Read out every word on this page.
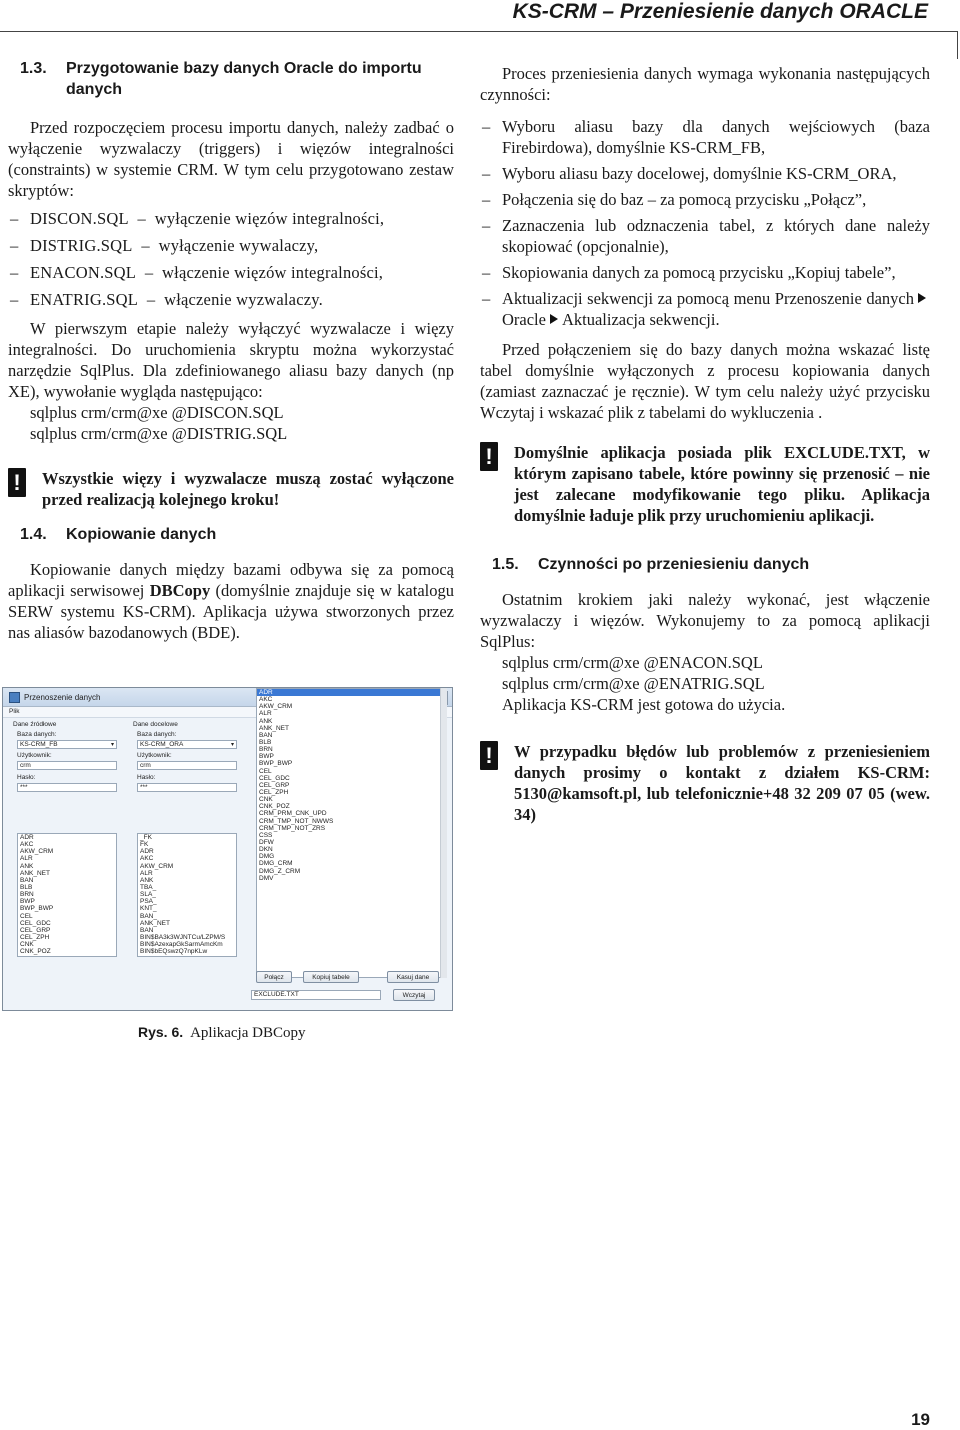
KS-CRM – Przeniesienie danych ORACLE
1.3.	Przygotowanie bazy danych Oracle do importu danych

Przed rozpoczęciem procesu importu danych, należy zadbać o wyłączenie wyzwalaczy (triggers) i więzów integralności (constraints) w systemie CRM. W tym celu przygotowano zestaw skryptów:

– DISCON.SQL – wyłączenie więzów integralności,
– DISTRIG.SQL – wyłączenie wywalaczy,
– ENACON.SQL – włączenie więzów integralności,
– ENATRIG.SQL – włączenie wyzwalaczy.

W pierwszym etapie należy wyłączyć wyzwalacze i więzy integralności. Do uruchomienia skryptu można wykorzystać narzędzie SqlPlus. Dla zdefiniowanego aliasu bazy danych (np XE), wywołanie wygląda następująco:

sqlplus crm/crm@xe @DISCON.SQL
sqlplus crm/crm@xe @DISTRIG.SQL
!	Wszystkie więzy i wyzwalacze muszą zostać wyłączone przed realizacją kolejnego kroku!
1.4.	Kopiowanie danych

Kopiowanie danych między bazami odbywa się za pomocą aplikacji serwisowej DBCopy (domyślnie znajduje się w katalogu SERW systemu KS-CRM). Aplikacja używa stworzonych przez nas aliasów bazodanowych (BDE).

Przenoszenie danych
Plik
Dane źródłowe
Baza danych:
KS-CRM_FB ▾
Użytkownik:
crm
Hasło:
***
Dane docelowe
Baza danych:
KS-CRM_ORA ▾
Użytkownik:
crm
Hasło:
***
ADR
AKC
AKW_CRM
ALR
ANK
ANK_NET
BAN
BLB
BRN
BWP
BWP_BWP
CEL
CEL_GDC
CEL_GRP
CEL_ZPH
CNK
CNK_POZ
_FK
FK
ADR
AKC
AKW_CRM
ALR
ANK
TBA_
SLA_
PSA_
KNT_
BAN_
ANK_NET
BAN
BIN$BA3k3WJNTCu/LZPM/S
BIN$AzexapGkSarmAmcKm
BIN$bEQswzQ7npKLw
ADR
AKC
AKW_CRM
ALR
ANK
ANK_NET
BAN
BLB
BRN
BWP
BWP_BWP
CEL
CEL_GDC
CEL_GRP
CEL_ZPH
CNK
CNK_POZ
CRM_PRM_CNK_UPD
CRM_TMP_NOT_NWWS
CRM_TMP_NOT_ZRS
CSS
DFW
DKN
DMG
DMG_CRM
DMG_Z_CRM
DMV
Połącz	Kopiuj tabele	Kasuj dane
EXCLUDE.TXT	Wczytaj
Rys. 6. Aplikacja DBCopy

Proces przeniesienia danych wymaga wykonania następujących czynności:

– Wyboru aliasu bazy dla danych wejściowych (baza Firebirdowa), domyślnie KS-CRM_FB,
– Wyboru aliasu bazy docelowej, domyślnie KS-CRM_ORA,
– Połączenia się do baz – za pomocą przycisku „Połącz”,
– Zaznaczenia lub odznaczenia tabel, z których dane należy skopiować (opcjonalnie),
– Skopiowania danych za pomocą przycisku „Kopiuj tabele”,
– Aktualizacji sekwencji za pomocą menu Przenoszenie danychOracle Aktualizacja sekwencji.

Przed połączeniem się do bazy danych można wskazać listę tabel domyślnie wyłączonych z procesu kopiowania danych (zamiast zaznaczać je ręcznie). W tym celu należy użyć przycisku Wczytaj i wskazać plik z tabelami do wykluczenia .

!	Domyślnie aplikacja posiada plik EXCLUDE.TXT, w którym zapisano tabele, które powinny się przenosić – nie jest zalecane modyfikowanie tego pliku. Aplikacja domyślnie ładuje plik przy uruchomieniu aplikacji.
1.5.	Czynności po przeniesieniu danych

Ostatnim krokiem jaki należy wykonać, jest włączenie wyzwalaczy i więzów. Wykonujemy to za pomocą aplikacji SqlPlus:

sqlplus crm/crm@xe @ENACON.SQL
sqlplus crm/crm@xe @ENATRIG.SQL
Aplikacja KS-CRM jest gotowa do użycia.
!	W przypadku błędów lub problemów z przeniesieniem danych prosimy o kontakt z działem KS-CRM: 5130@kamsoft.pl, lub telefonicznie+48 32 209 07 05 (wew. 34)
19
